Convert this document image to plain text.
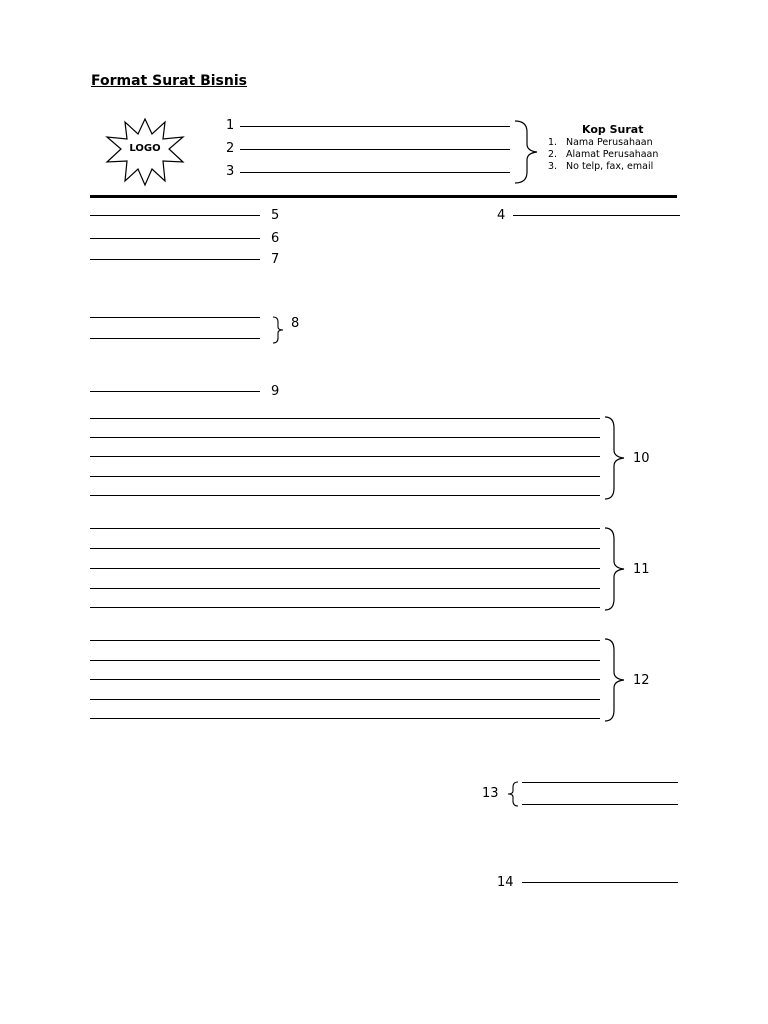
Format Surat Bisnis
LOGO
1
2
3
Kop Surat
1. Nama Perusahaan
2. Alamat Perusahaan
3. No telp, fax, email
4
5
6
7
8
9
10
11
12
13
14
